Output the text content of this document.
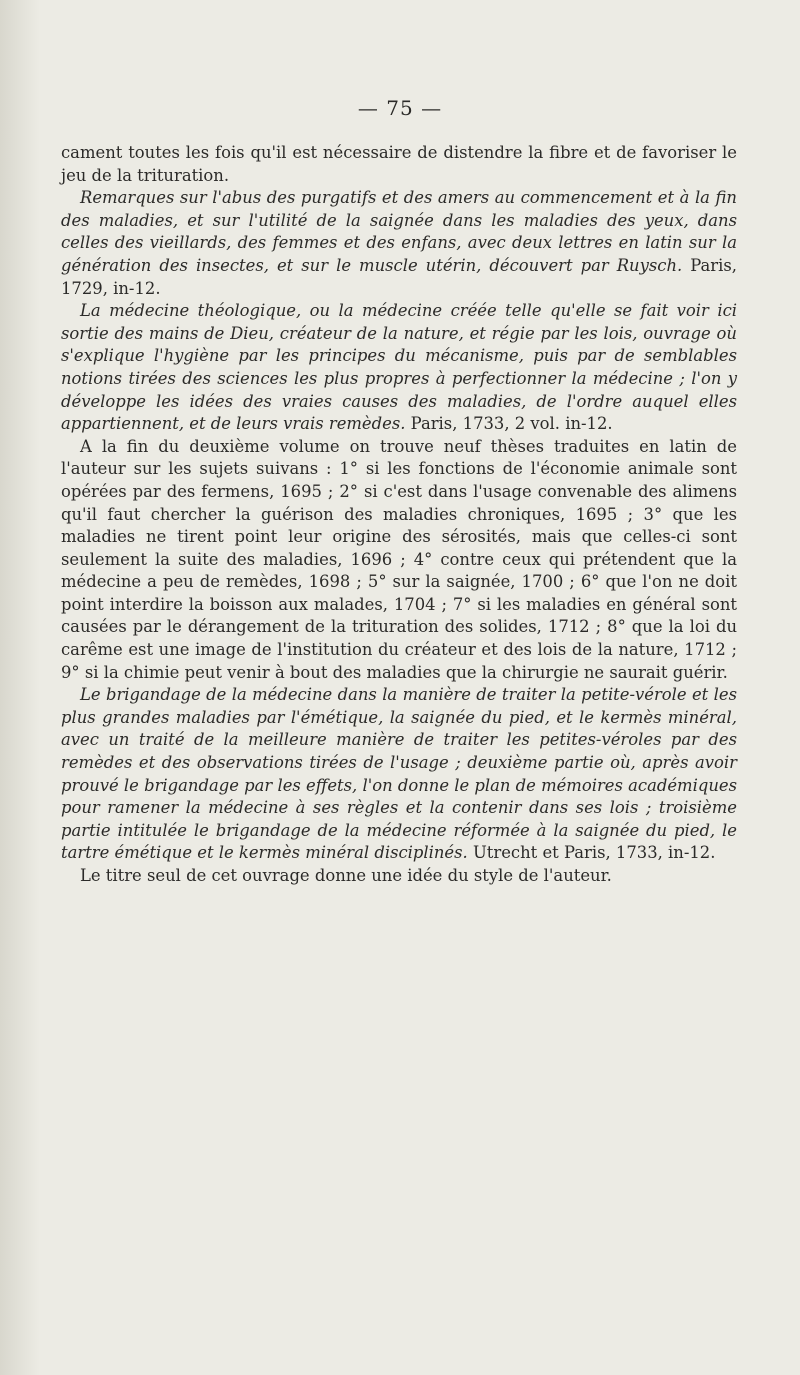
— 75 —

cament toutes les fois qu'il est nécessaire de distendre la fibre et de favoriser le jeu de la trituration.

Remarques sur l'abus des purgatifs et des amers au commencement et à la fin des maladies, et sur l'utilité de la saignée dans les maladies des yeux, dans celles des vieillards, des femmes et des enfans, avec deux lettres en latin sur la génération des insectes, et sur le muscle utérin, découvert par Ruysch. Paris, 1729, in-12.

La médecine théologique, ou la médecine créée telle qu'elle se fait voir ici sortie des mains de Dieu, créateur de la nature, et régie par les lois, ouvrage où s'explique l'hygiène par les principes du mécanisme, puis par de semblables notions tirées des sciences les plus propres à perfectionner la médecine ; l'on y développe les idées des vraies causes des maladies, de l'ordre auquel elles appartiennent, et de leurs vrais remèdes. Paris, 1733, 2 vol. in-12.

A la fin du deuxième volume on trouve neuf thèses traduites en latin de l'auteur sur les sujets suivans : 1° si les fonctions de l'économie animale sont opérées par des fermens, 1695 ; 2° si c'est dans l'usage convenable des alimens qu'il faut chercher la guérison des maladies chroniques, 1695 ; 3° que les maladies ne tirent point leur origine des sérosités, mais que celles-ci sont seulement la suite des maladies, 1696 ; 4° contre ceux qui prétendent que la médecine a peu de remèdes, 1698 ; 5° sur la saignée, 1700 ; 6° que l'on ne doit point interdire la boisson aux malades, 1704 ; 7° si les maladies en général sont causées par le dérangement de la trituration des solides, 1712 ; 8° que la loi du carême est une image de l'institution du créateur et des lois de la nature, 1712 ; 9° si la chimie peut venir à bout des maladies que la chirurgie ne saurait guérir.

Le brigandage de la médecine dans la manière de traiter la petite-vérole et les plus grandes maladies par l'émétique, la saignée du pied, et le kermès minéral, avec un traité de la meilleure manière de traiter les petites-véroles par des remèdes et des observations tirées de l'usage ; deuxième partie où, après avoir prouvé le brigandage par les effets, l'on donne le plan de mémoires académiques pour ramener la médecine à ses règles et la contenir dans ses lois ; troisième partie intitulée le brigandage de la médecine réformée à la saignée du pied, le tartre émétique et le kermès minéral disciplinés. Utrecht et Paris, 1733, in-12.

Le titre seul de cet ouvrage donne une idée du style de l'auteur.
